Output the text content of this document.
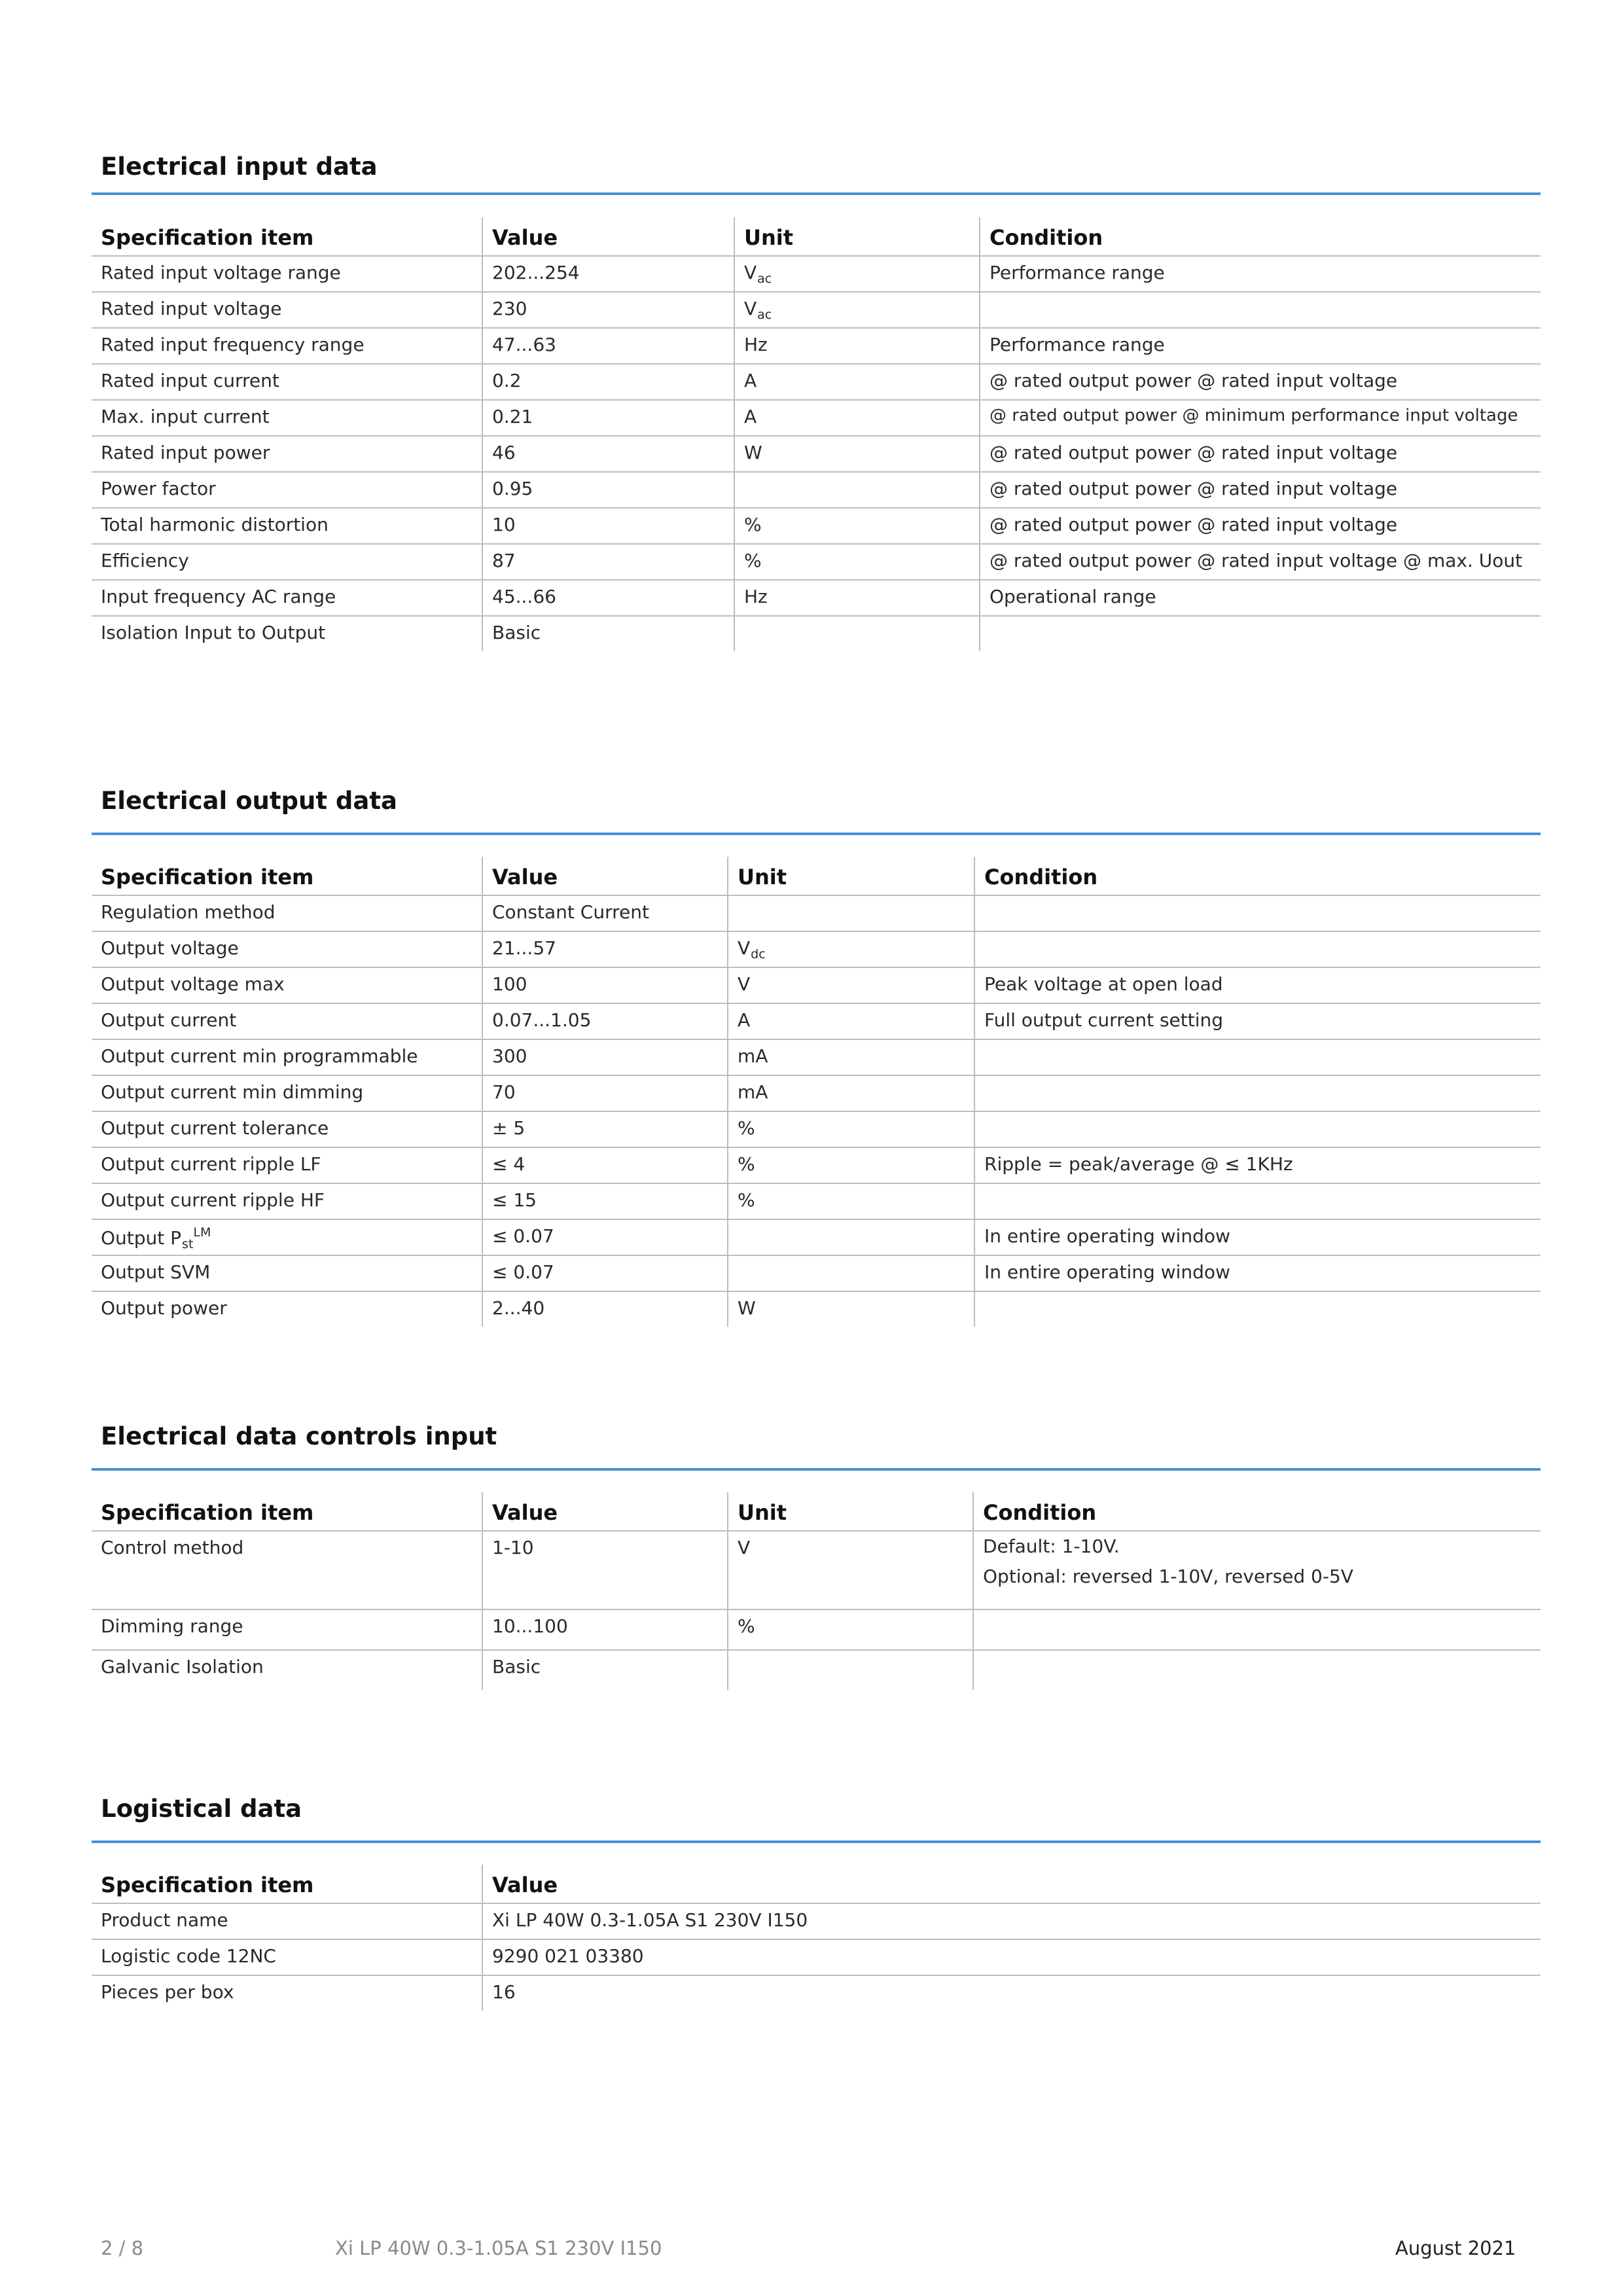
Electrical input data
Specification item	Value	Unit	Condition
Rated input voltage range	202...254	$V_{ac}$	Performance range
Rated input voltage	230	$V_{ac}$	
Rated input frequency range	47...63	Hz	Performance range
Rated input current	0.2	A	@ rated output power @ rated input voltage
Max. input current	0.21	A	@ rated output power @ minimum performance input voltage
Rated input power	46	W	@ rated output power @ rated input voltage
Power factor	0.95		@ rated output power @ rated input voltage
Total harmonic distortion	10	%	@ rated output power @ rated input voltage
Efficiency	87	%	@ rated output power @ rated input voltage @ max. Uout
Input frequency AC range	45...66	Hz	Operational range
Isolation Input to Output	Basic		
Electrical output data
Specification item	Value	Unit	Condition
Regulation method	Constant Current		
Output voltage	21...57	$V_{dc}$	
Output voltage max	100	V	Peak voltage at open load
Output current	0.07...1.05	A	Full output current setting
Output current min programmable	300	mA	
Output current min dimming	70	mA	
Output current tolerance	± 5	%	
Output current ripple LF	≤ 4	%	Ripple = peak/average @ ≤ 1KHz
Output current ripple HF	≤ 15	%	
Output $P_{st}^{LM}$	≤ 0.07		In entire operating window
Output SVM	≤ 0.07		In entire operating window
Output power	2...40	W	
Electrical data controls input
Specification item	Value	Unit	Condition
Control method	1-10	V	Default: 1-10V.
Optional: reversed 1-10V, reversed 0-5V

Dimming range	10...100	%	
Galvanic Isolation	Basic		
Logistical data
Specification item	Value
Product name	Xi LP 40W 0.3-1.05A S1 230V I150
Logistic code 12NC	9290 021 03380
Pieces per box	16
2 / 8	Xi LP 40W 0.3-1.05A S1 230V I150	August 2021
